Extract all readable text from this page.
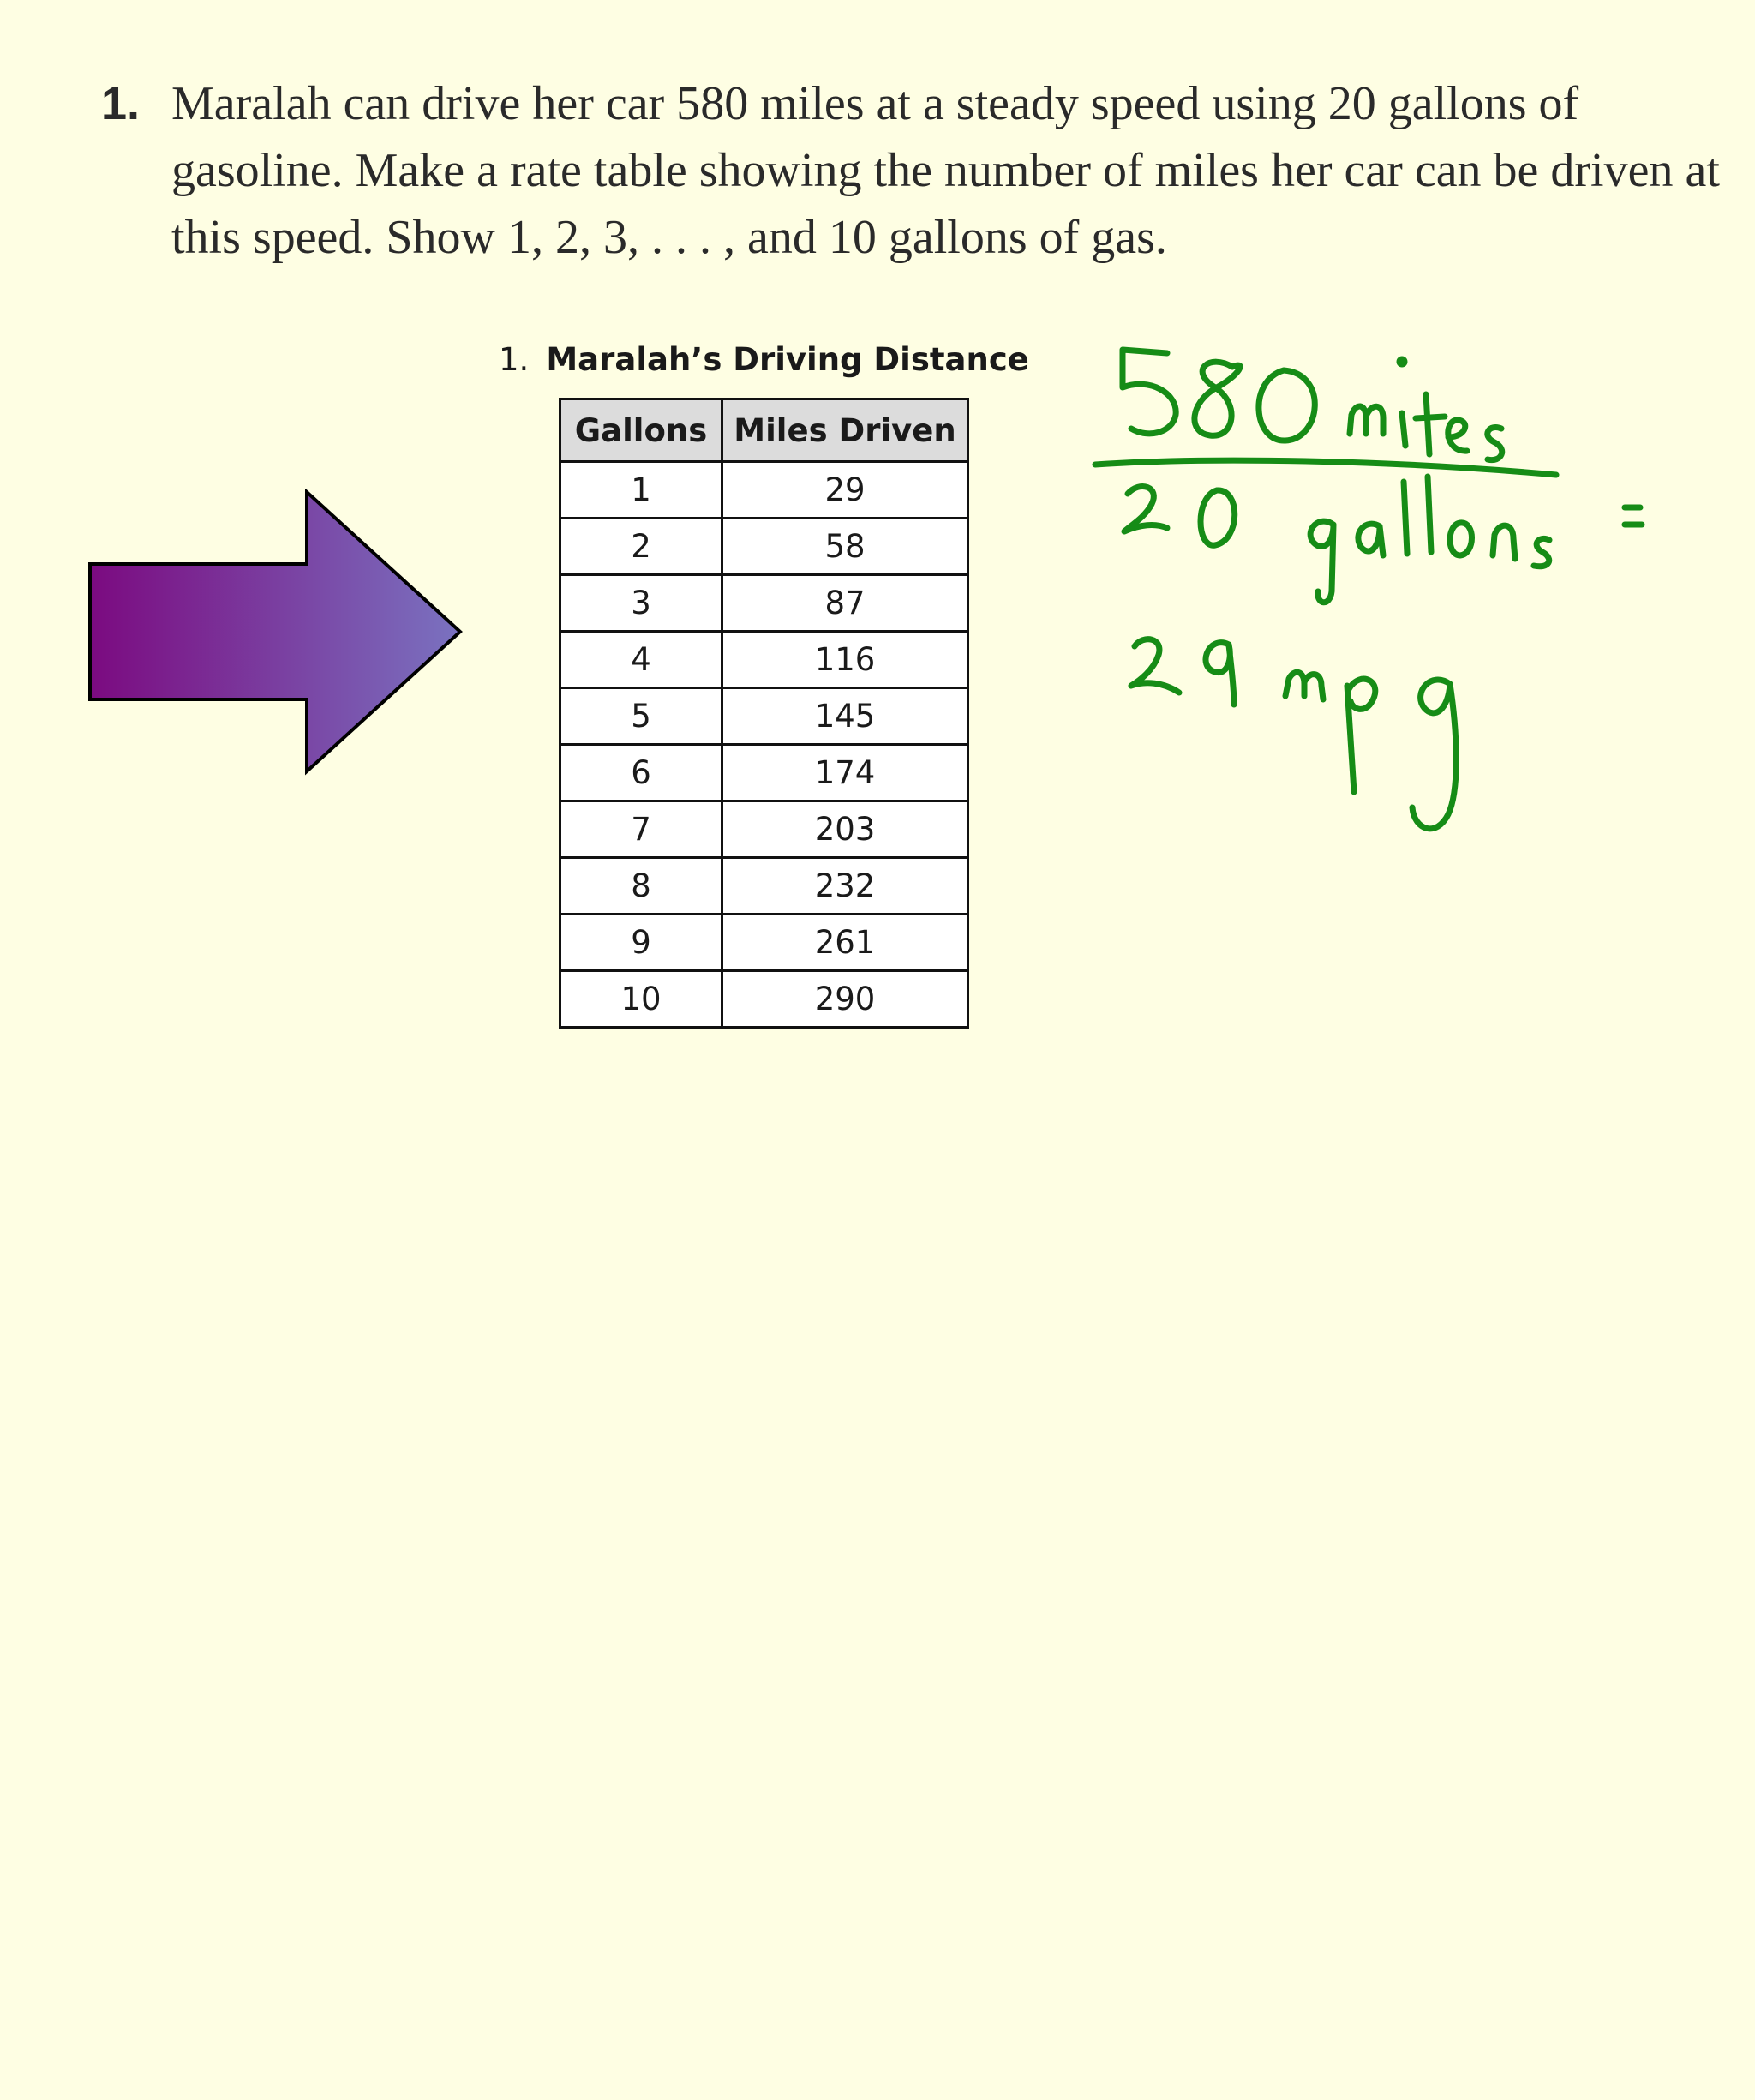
1. Maralah can drive her car 580 miles at a steady speed using 20 gallons of gasoline. Make a rate table showing the number of miles her car can be driven at this speed. Show 1, 2, 3, . . . , and 10 gallons of gas.
1. Maralah’s Driving Distance
Gallons	Miles Driven
1	29
2	58
3	87
4	116
5	145
6	174
7	203
8	232
9	261
10	290
